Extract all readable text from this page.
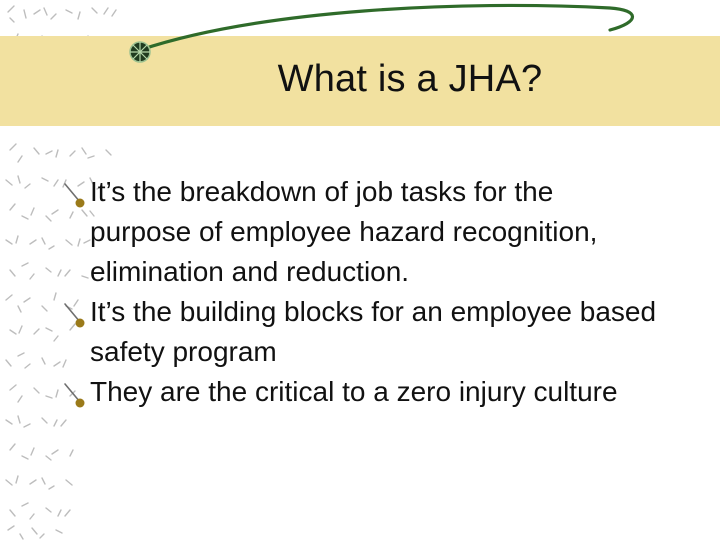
What is a JHA?
It’s the breakdown of job tasks for the purpose of employee hazard recognition, elimination and reduction.
It’s the building blocks for an employee based safety program
They are the critical to a zero injury culture
